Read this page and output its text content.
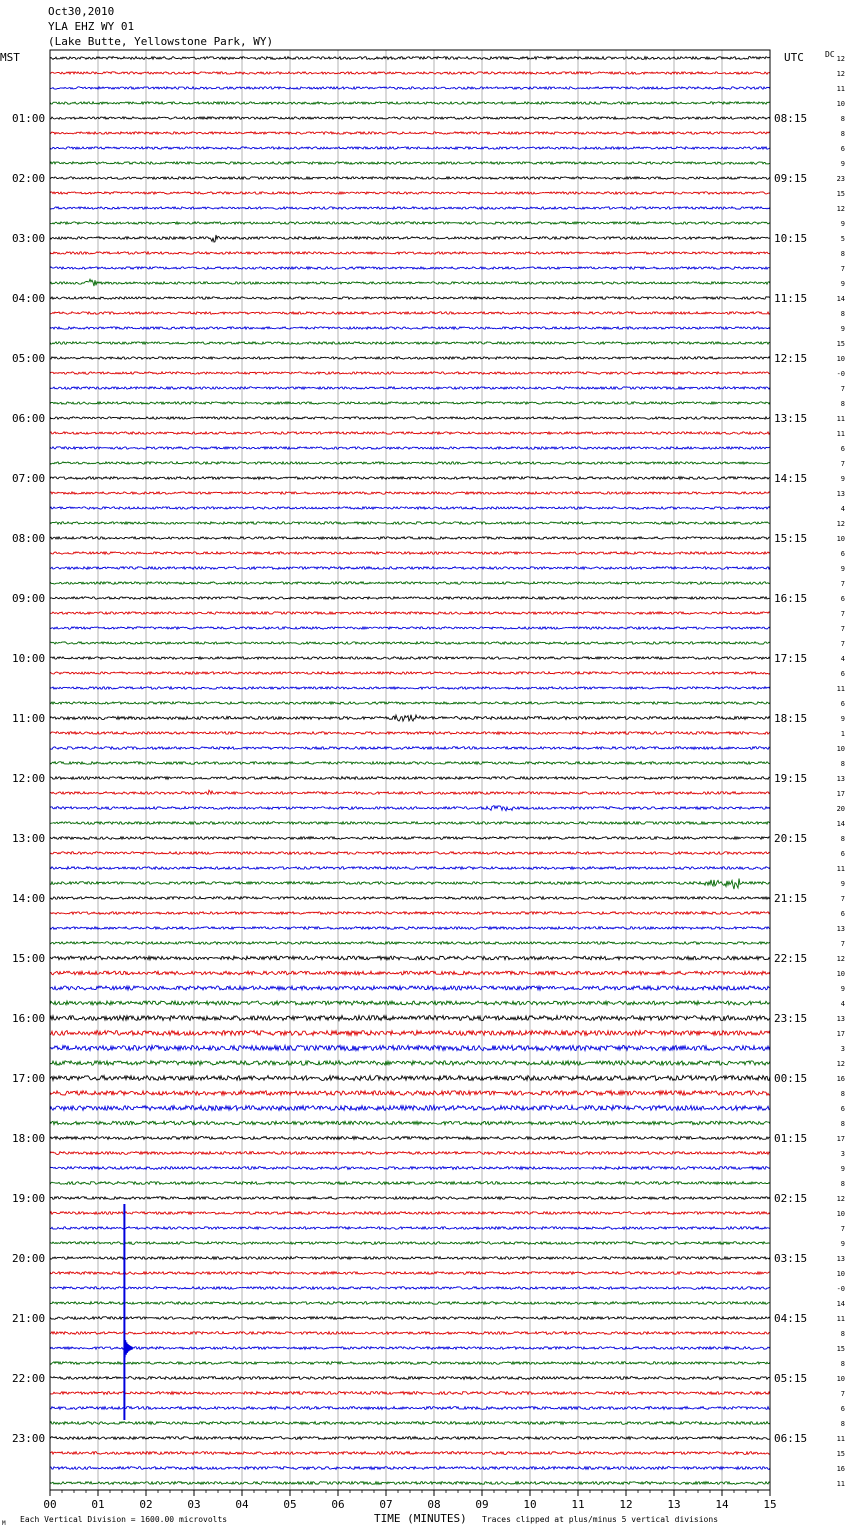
Oct30,2010
YLA EHZ WY 01
(Lake Butte, Yellowstone Park, WY)
MST	UTC	DC
01:00
02:00
03:00
04:00
05:00
06:00
07:00
08:00
09:00
10:00
11:00
12:00
13:00
14:00
15:00
16:00
17:00
18:00
19:00
20:00
21:00
22:00
23:00
08:15
09:15
10:15
11:15
12:15
13:15
14:15
15:15
16:15
17:15
18:15
19:15
20:15
21:15
22:15
23:15
00:15
01:15
02:15
03:15
04:15
05:15
06:15
12
12
11
10
8
8
6
9
23
15
12
9
5
8
7
9
14
8
9
15
10
-0
7
8
11
11
6
7
9
13
4
12
10
6
9
7
6
7
7
7
4
6
11
6
9
1
10
8
13
17
20
14
8
6
11
9
7
6
13
7
12
10
9
4
13
17
3
12
16
8
6
8
17
3
9
8
12
10
7
9
13
10
-0
14
11
8
15
8
10
7
6
8
11
15
16
11
00	01	02	03	04	05	06	07	08	09	10	11	12	13	14	15
M Each Vertical Division = 1600.00 microvolts	TIME (MINUTES) Traces clipped at plus/minus 5 vertical divisions
